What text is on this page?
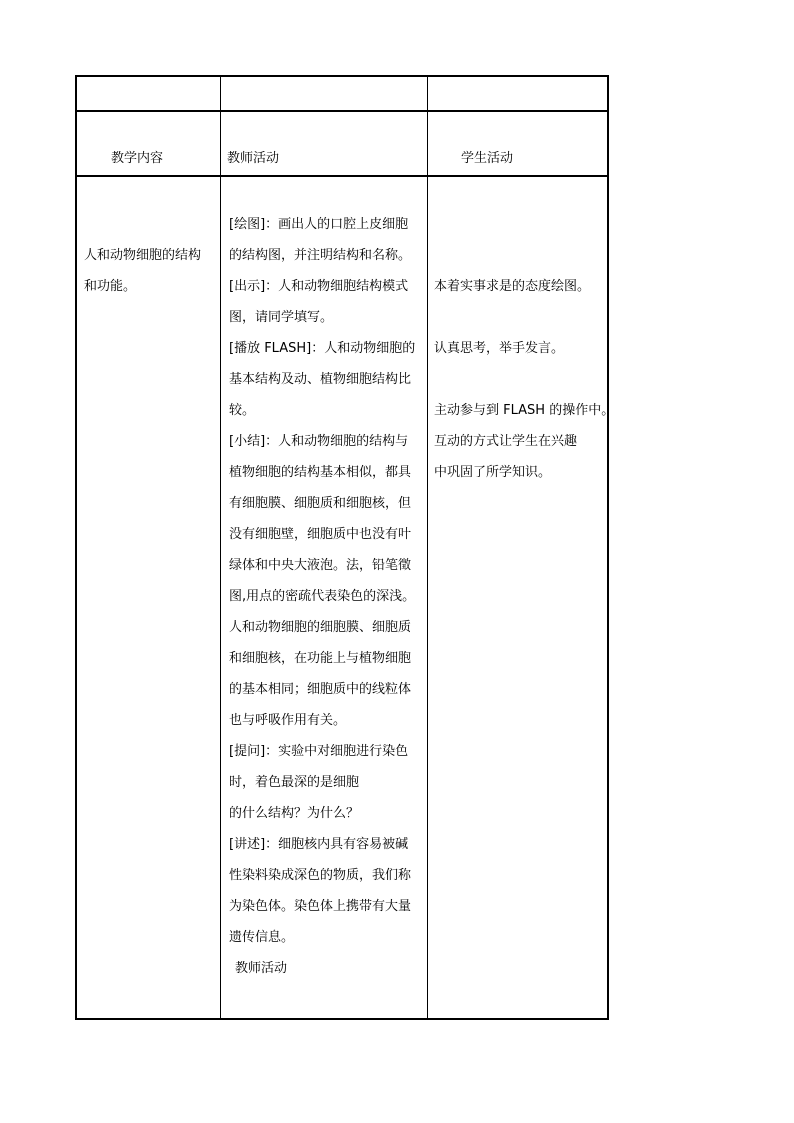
教学内容	教师活动	学生活动
人和动物细胞的结构
和功能。
[绘图]：画出人的口腔上皮细胞
的结构图，并注明结构和名称。
[出示]：人和动物细胞结构模式
图，请同学填写。
[播放 FLASH]：人和动物细胞的
基本结构及动、植物细胞结构比
较。
[小结]：人和动物细胞的结构与
植物细胞的结构基本相似，都具
有细胞膜、细胞质和细胞核，但
没有细胞壁，细胞质中也没有叶
绿体和中央大液泡。法，铅笔徵
图,用点的密疏代表染色的深浅。
人和动物细胞的细胞膜、细胞质
和细胞核，在功能上与植物细胞
的基本相同；细胞质中的线粒体
也与呼吸作用有关。
[提问]：实验中对细胞进行染色
时，着色最深的是细胞
的什么结构？为什么？
[讲述]：细胞核内具有容易被碱
性染料染成深色的物质，我们称
为染色体。染色体上携带有大量
遗传信息。
教师活动
本着实事求是的态度绘图。
认真思考，举手发言。
主动参与到 FLASH 的操作中。
互动的方式让学生在兴趣
中巩固了所学知识。
